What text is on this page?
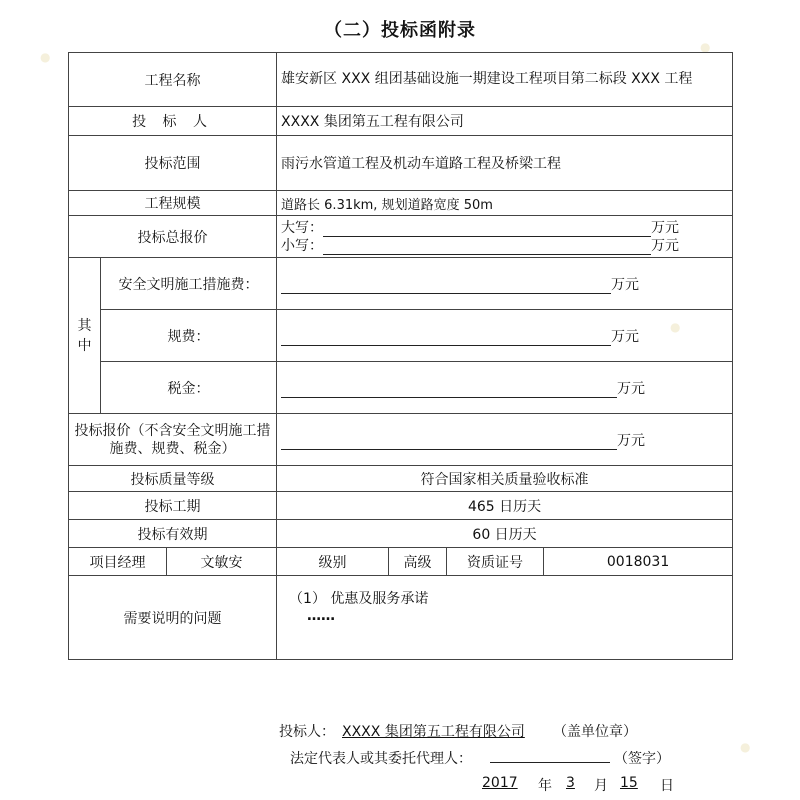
●
●
●
●
（二）投标函附录
工程名称			雄安新区 XXX 组团基础设施一期建设工程项目第二标段 XXX 工程			
投 标 人			XXXX 集团第五工程有限公司			
投标范围			雨污水管道工程及机动车道路工程及桥梁工程			
工程规模			道路长 6.31km, 规划道路宽度 50m			
投标总报价			大写： 万元
小写： 万元			

其中	安全文明施工措施费：		万元			

	规费：		万元			

	税金：		万元			

投标报价（不含安全文明施工措施费、规费、税金）			万元			

投标质量等级			符合国家相关质量验收标准			
投标工期			465 日历天			
投标有效期			60 日历天			
项目经理		文敏安	级别	高级	资质证号	0018031
需要说明的问题			（1） 优惠及服务承诺
……			
投标人： XXXX 集团第五工程有限公司 （盖单位章）
法定代表人或其委托代理人：	（签字）
2017 年 3 月 15 日
